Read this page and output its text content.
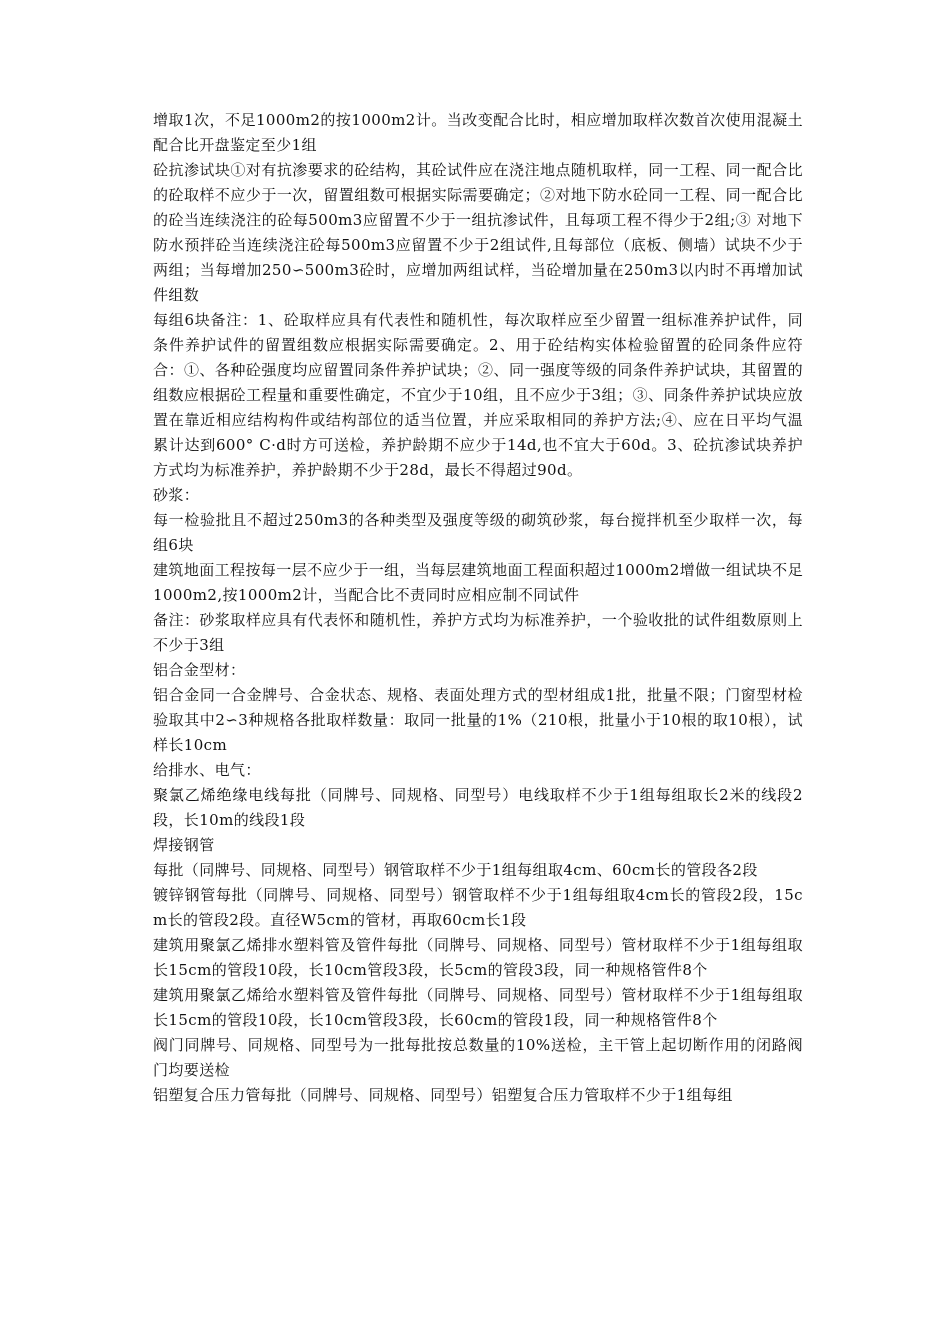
增取1次，不足1000m2的按1000m2计。当改变配合比时，相应增加取样次数首次使用混凝土配合比开盘鉴定至少1组

砼抗渗试块①对有抗渗要求的砼结构，其砼试件应在浇注地点随机取样，同一工程、同一配合比的砼取样不应少于一次，留置组数可根据实际需要确定；②对地下防水砼同一工程、同一配合比的砼当连续浇注的砼每500m3应留置不少于一组抗渗试件，且每项工程不得少于2组;③ 对地下防水预拌砼当连续浇注砼每500m3应留置不少于2组试件,且每部位（底板、侧墙）试块不少于两组；当每增加250∽500m3砼时，应增加两组试样，当砼增加量在250m3以内时不再增加试件组数

每组6块备注：1、砼取样应具有代表性和随机性，每次取样应至少留置一组标准养护试件，同条件养护试件的留置组数应根据实际需要确定。2、用于砼结构实体检验留置的砼同条件应符合：①、各种砼强度均应留置同条件养护试块；②、同一强度等级的同条件养护试块，其留置的组数应根据砼工程量和重要性确定，不宜少于10组，且不应少于3组；③、同条件养护试块应放置在靠近相应结构构件或结构部位的适当位置，并应采取相同的养护方法;④、应在日平均气温累计达到600° C·d时方可送检，养护龄期不应少于14d,也不宜大于60d。3、砼抗渗试块养护方式均为标准养护，养护龄期不少于28d，最长不得超过90d。

砂浆：

每一检验批且不超过250m3的各种类型及强度等级的砌筑砂浆，每台搅拌机至少取样一次，每组6块

建筑地面工程按每一层不应少于一组，当每层建筑地面工程面积超过1000m2增做一组试块不足1000m2,按1000m2计，当配合比不责同时应相应制不同试件

备注：砂浆取样应具有代表怀和随机性，养护方式均为标准养护，一个验收批的试件组数原则上不少于3组

铝合金型材：

铝合金同一合金牌号、合金状态、规格、表面处理方式的型材组成1批，批量不限；门窗型材检验取其中2∽3种规格各批取样数量：取同一批量的1%（210根，批量小于10根的取10根），试样长10cm

给排水、电气：

聚氯乙烯绝缘电线每批（同牌号、同规格、同型号）电线取样不少于1组每组取长2米的线段2段，长10m的线段1段

焊接钢管

每批（同牌号、同规格、同型号）钢管取样不少于1组每组取4cm、60cm长的管段各2段

镀锌钢管每批（同牌号、同规格、同型号）钢管取样不少于1组每组取4cm长的管段2段，15cm长的管段2段。直径W5cm的管材，再取60cm长1段

建筑用聚氯乙烯排水塑料管及管件每批（同牌号、同规格、同型号）管材取样不少于1组每组取长15cm的管段10段，长10cm管段3段，长5cm的管段3段，同一种规格管件8个

建筑用聚氯乙烯给水塑料管及管件每批（同牌号、同规格、同型号）管材取样不少于1组每组取长15cm的管段10段，长10cm管段3段，长60cm的管段1段，同一种规格管件8个

阀门同牌号、同规格、同型号为一批每批按总数量的10%送检，主干管上起切断作用的闭路阀门均要送检

铝塑复合压力管每批（同牌号、同规格、同型号）铝塑复合压力管取样不少于1组每组
